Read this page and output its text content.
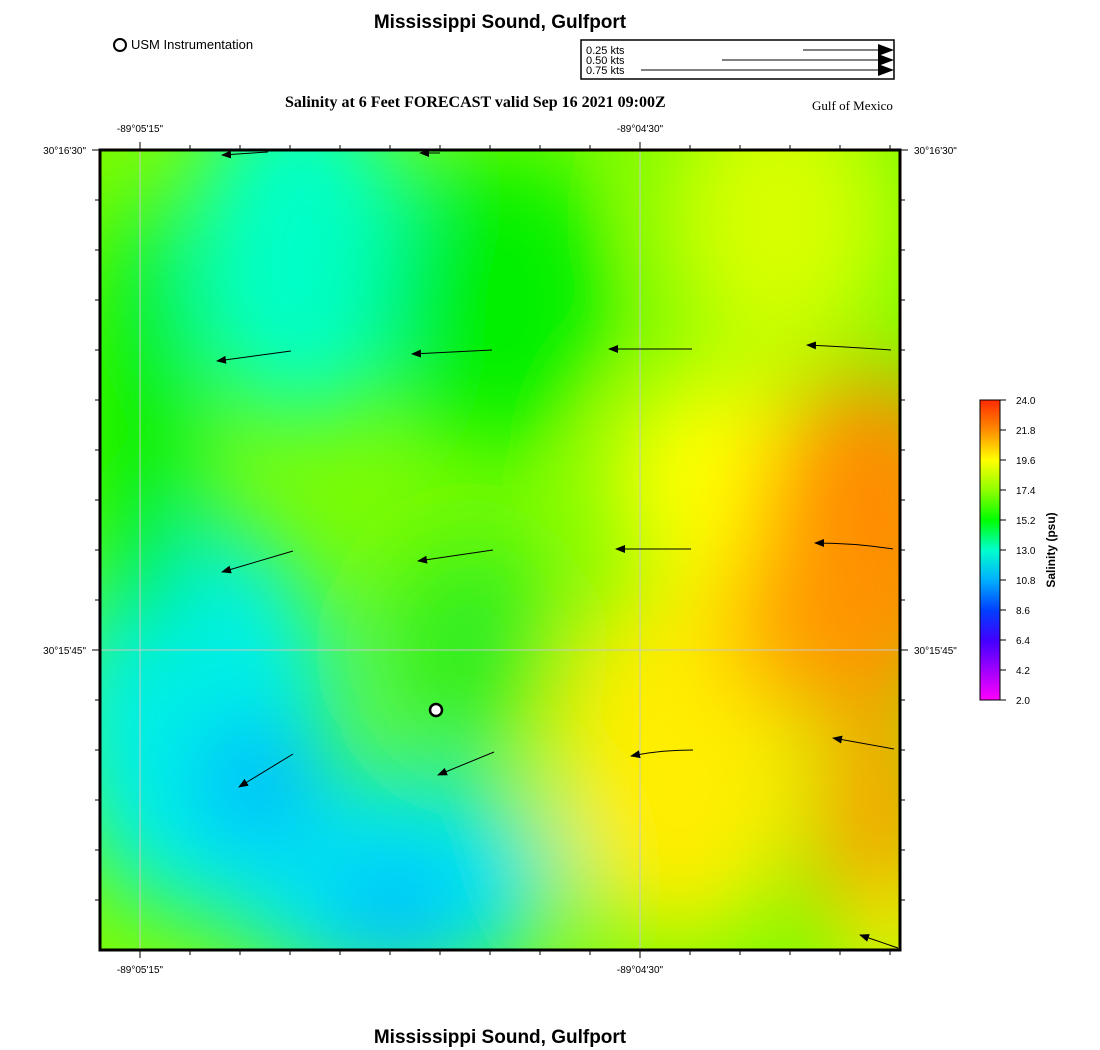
Mississippi Sound, Gulfport
USM Instrumentation	0.25 kts
0.50 kts
0.75 kts
-89°05'15"	-89°04'30"
-89°05'15"	-89°04'30"
30°16'30"
30°15'45"
30°16'30"
30°15'45"
24.0
21.8
19.6
17.4
15.2
13.0
10.8
8.6
6.4
4.2
2.0
Salinity (psu)
Salinity at 6 Feet FORECAST valid Sep 16 2021 09:00Z	Gulf of Mexico
Mississippi Sound, Gulfport
